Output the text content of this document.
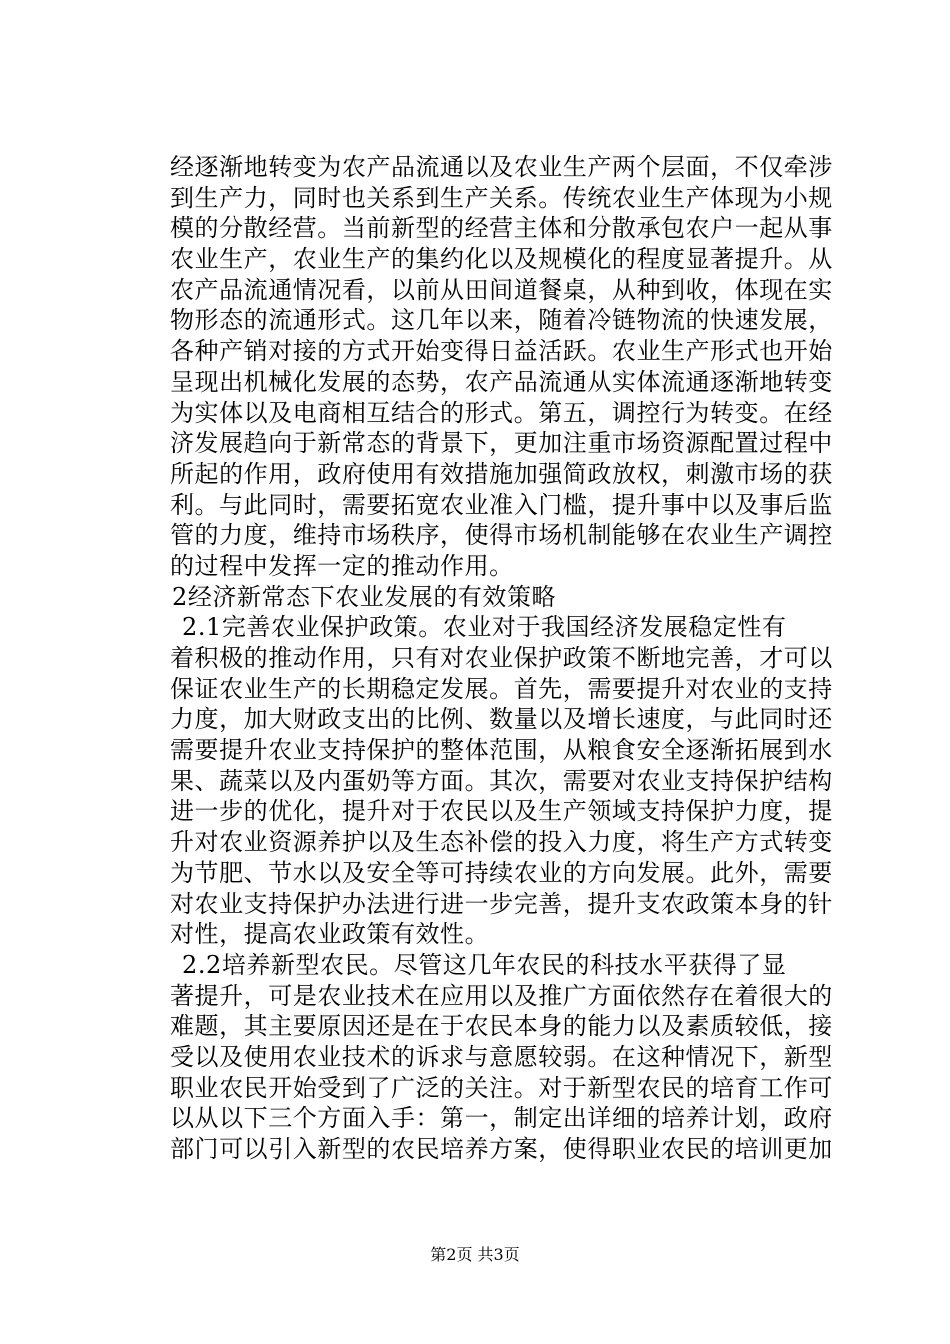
经逐渐地转变为农产品流通以及农业生产两个层面，不仅牵涉
到生产力，同时也关系到生产关系。传统农业生产体现为小规
模的分散经营。当前新型的经营主体和分散承包农户一起从事
农业生产，农业生产的集约化以及规模化的程度显著提升。从
农产品流通情况看，以前从田间道餐桌，从种到收，体现在实
物形态的流通形式。这几年以来，随着冷链物流的快速发展，
各种产销对接的方式开始变得日益活跃。农业生产形式也开始
呈现出机械化发展的态势，农产品流通从实体流通逐渐地转变
为实体以及电商相互结合的形式。第五，调控行为转变。在经
济发展趋向于新常态的背景下，更加注重市场资源配置过程中
所起的作用，政府使用有效措施加强简政放权，刺激市场的获
利。与此同时，需要拓宽农业准入门槛，提升事中以及事后监
管的力度，维持市场秩序，使得市场机制能够在农业生产调控
的过程中发挥一定的推动作用。
2经济新常态下农业发展的有效策略
2.1完善农业保护政策。农业对于我国经济发展稳定性有
着积极的推动作用，只有对农业保护政策不断地完善，才可以
保证农业生产的长期稳定发展。首先，需要提升对农业的支持
力度，加大财政支出的比例、数量以及增长速度，与此同时还
需要提升农业支持保护的整体范围，从粮食安全逐渐拓展到水
果、蔬菜以及内蛋奶等方面。其次，需要对农业支持保护结构
进一步的优化，提升对于农民以及生产领域支持保护力度，提
升对农业资源养护以及生态补偿的投入力度，将生产方式转变
为节肥、节水以及安全等可持续农业的方向发展。此外，需要
对农业支持保护办法进行进一步完善，提升支农政策本身的针
对性，提高农业政策有效性。
2.2培养新型农民。尽管这几年农民的科技水平获得了显
著提升，可是农业技术在应用以及推广方面依然存在着很大的
难题，其主要原因还是在于农民本身的能力以及素质较低，接
受以及使用农业技术的诉求与意愿较弱。在这种情况下，新型
职业农民开始受到了广泛的关注。对于新型农民的培育工作可
以从以下三个方面入手：第一，制定出详细的培养计划，政府
部门可以引入新型的农民培养方案，使得职业农民的培训更加
第2页 共3页
